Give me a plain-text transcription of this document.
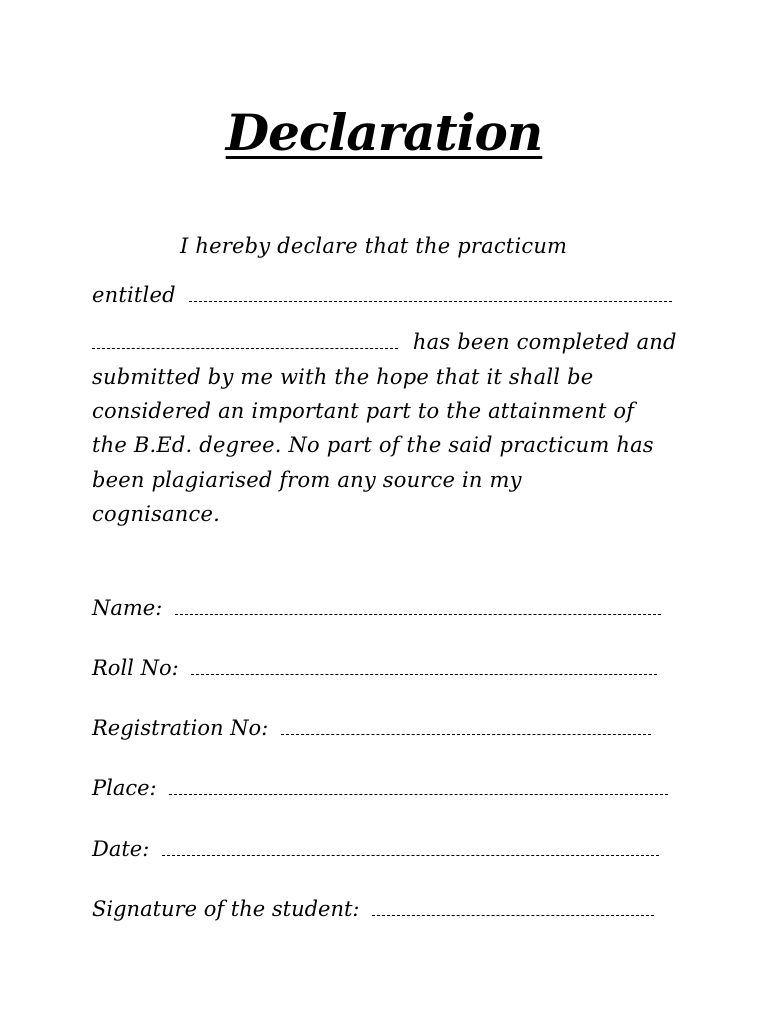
Declaration
I hereby declare that the practicum
entitled
has been completed and
submitted by me with the hope that it shall be
considered an important part to the attainment of
the B.Ed. degree. No part of the said practicum has
been plagiarised from any source in my
cognisance.
Name:
Roll No:
Registration No:
Place:
Date:
Signature of the student:
